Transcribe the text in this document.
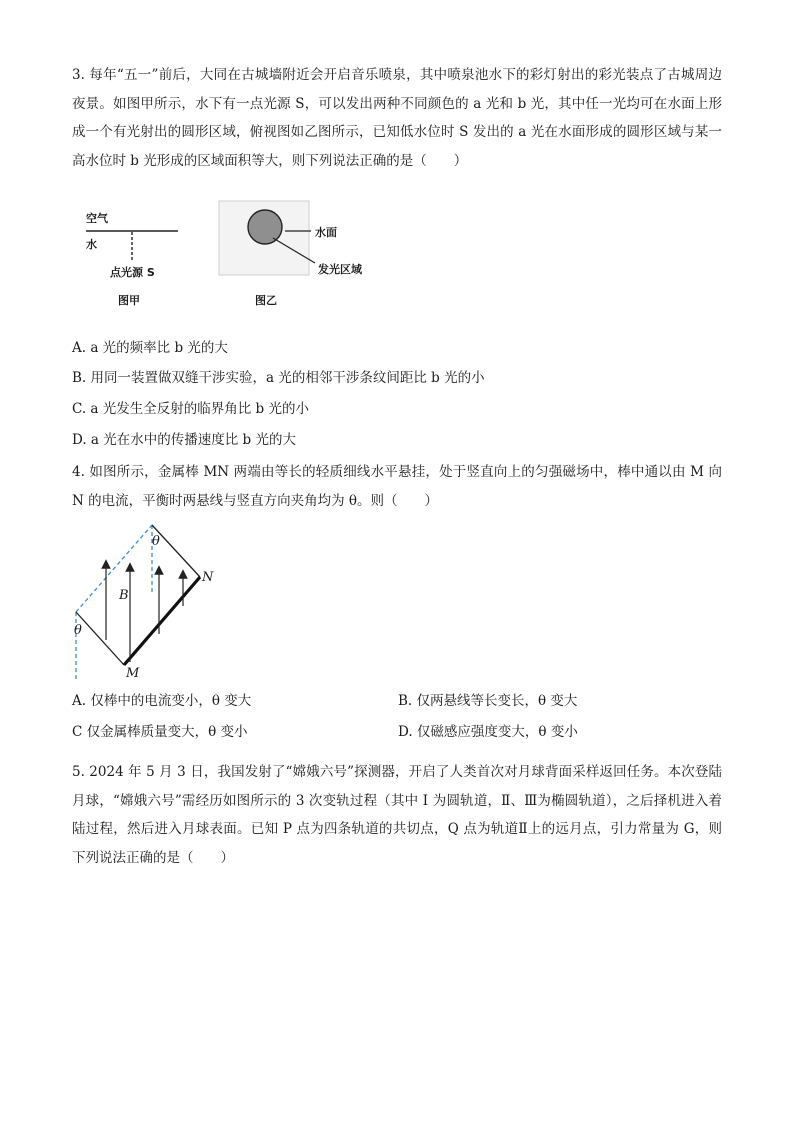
3. 每年“五一”前后，大同在古城墙附近会开启音乐喷泉，其中喷泉池水下的彩灯射出的彩光装点了古城周边夜景。如图甲所示，水下有一点光源 S，可以发出两种不同颜色的 a 光和 b 光，其中任一光均可在水面上形成一个有光射出的圆形区域，俯视图如乙图所示，已知低水位时 S 发出的 a 光在水面形成的圆形区域与某一高水位时 b 光形成的区域面积等大，则下列说法正确的是（　　）

空气
水
点光源 S
图甲
水面
发光区域
图乙
A. a 光的频率比 b 光的大
B. 用同一装置做双缝干涉实验，a 光的相邻干涉条纹间距比 b 光的小
C. a 光发生全反射的临界角比 b 光的小
D. a 光在水中的传播速度比 b 光的大

4. 如图所示，金属棒 MN 两端由等长的轻质细线水平悬挂，处于竖直向上的匀强磁场中，棒中通以由 M 向 N 的电流，平衡时两悬线与竖直方向夹角均为 θ。则（　　）

θ
θ
B
M
N
A. 仅棒中的电流变小，θ 变大	B. 仅两悬线等长变长，θ 变大
C 仅金属棒质量变大，θ 变小	D. 仅磁感应强度变大，θ 变小

5. 2024 年 5 月 3 日，我国发射了“嫦娥六号”探测器，开启了人类首次对月球背面采样返回任务。本次登陆月球，“嫦娥六号”需经历如图所示的 3 次变轨过程（其中 Ⅰ 为圆轨道，Ⅱ、Ⅲ为椭圆轨道），之后择机进入着陆过程，然后进入月球表面。已知 P 点为四条轨道的共切点，Q 点为轨道Ⅱ上的远月点，引力常量为 G，则下列说法正确的是（　　）
